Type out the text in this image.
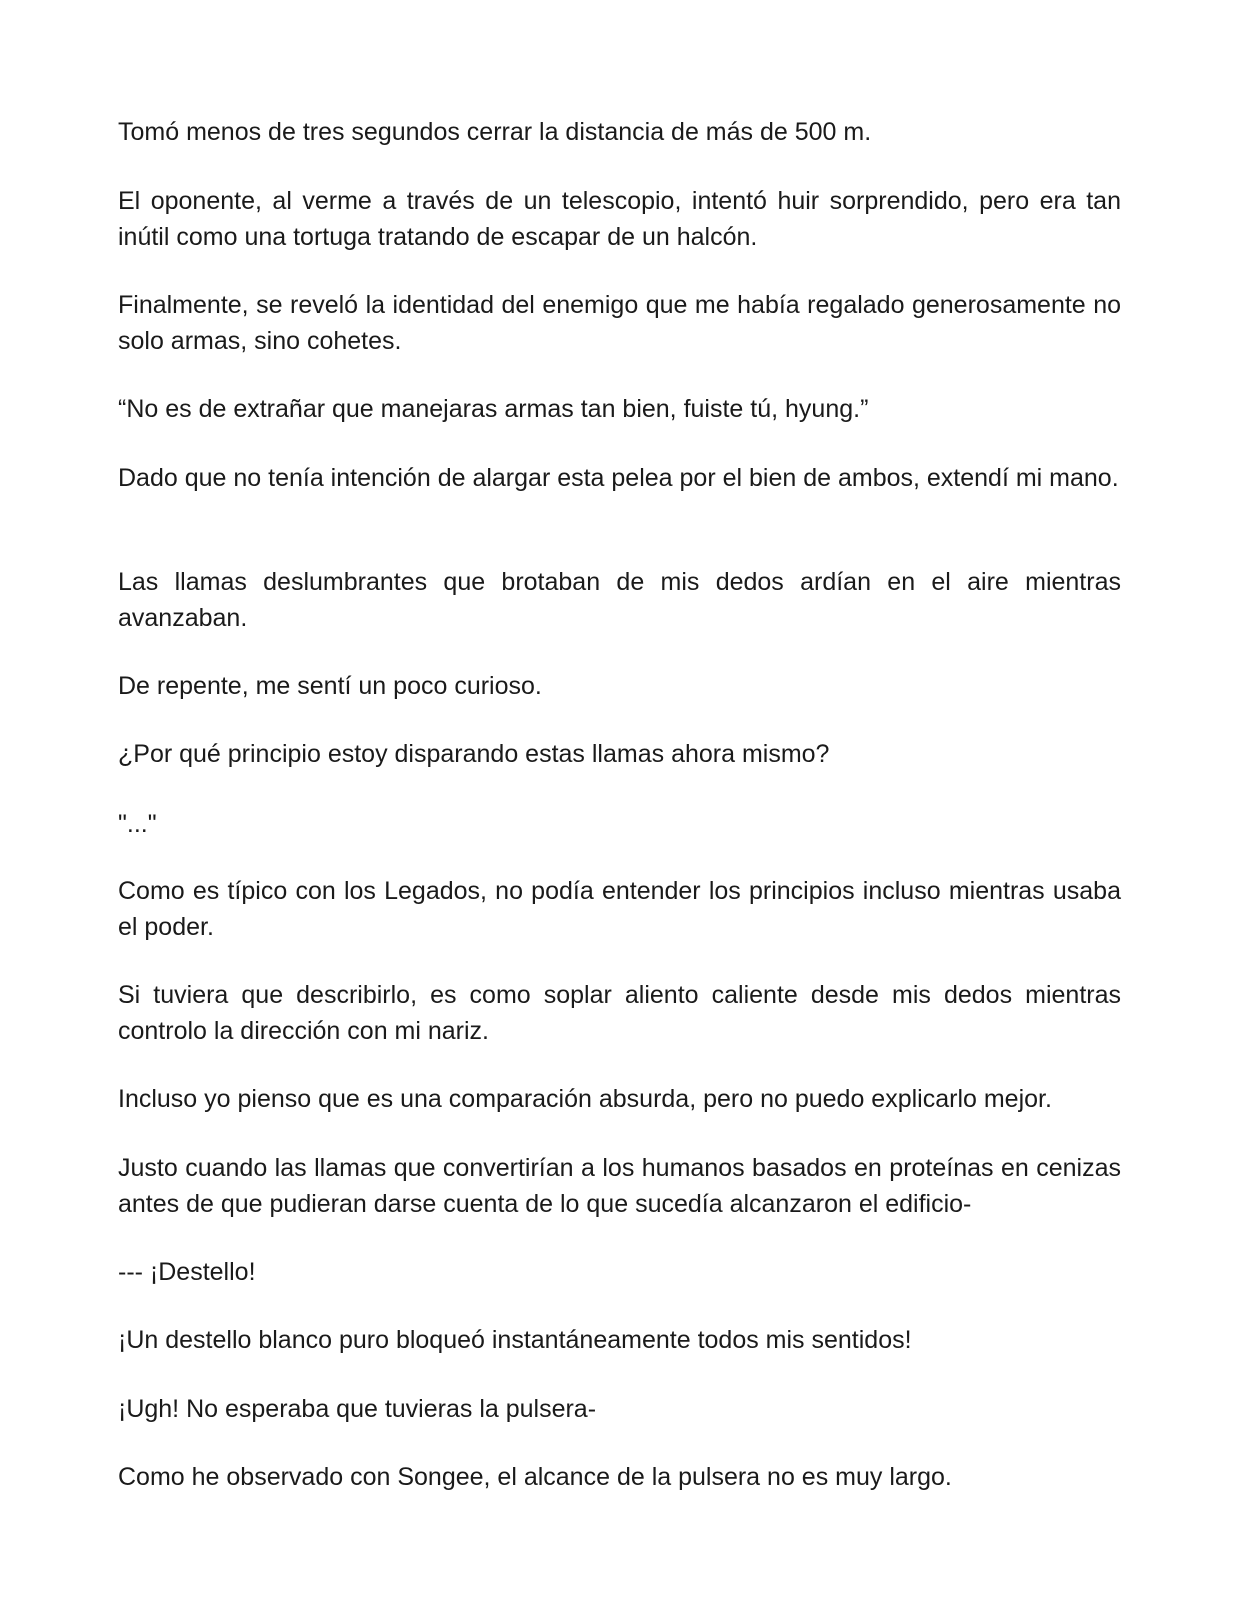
Tomó menos de tres segundos cerrar la distancia de más de 500 m.

El oponente, al verme a través de un telescopio, intentó huir sorprendido, pero era tan inútil como una tortuga tratando de escapar de un halcón.

Finalmente, se reveló la identidad del enemigo que me había regalado generosamente no solo armas, sino cohetes.

“No es de extrañar que manejaras armas tan bien, fuiste tú, hyung.”

Dado que no tenía intención de alargar esta pelea por el bien de ambos, extendí mi mano.

Las llamas deslumbrantes que brotaban de mis dedos ardían en el aire mientras avanzaban.

De repente, me sentí un poco curioso.

¿Por qué principio estoy disparando estas llamas ahora mismo?

"..."

Como es típico con los Legados, no podía entender los principios incluso mientras usaba el poder.

Si tuviera que describirlo, es como soplar aliento caliente desde mis dedos mientras controlo la dirección con mi nariz.

Incluso yo pienso que es una comparación absurda, pero no puedo explicarlo mejor.

Justo cuando las llamas que convertirían a los humanos basados en proteínas en cenizas antes de que pudieran darse cuenta de lo que sucedía alcanzaron el edificio-

--- ¡Destello!

¡Un destello blanco puro bloqueó instantáneamente todos mis sentidos!

¡Ugh! No esperaba que tuvieras la pulsera-

Como he observado con Songee, el alcance de la pulsera no es muy largo.
